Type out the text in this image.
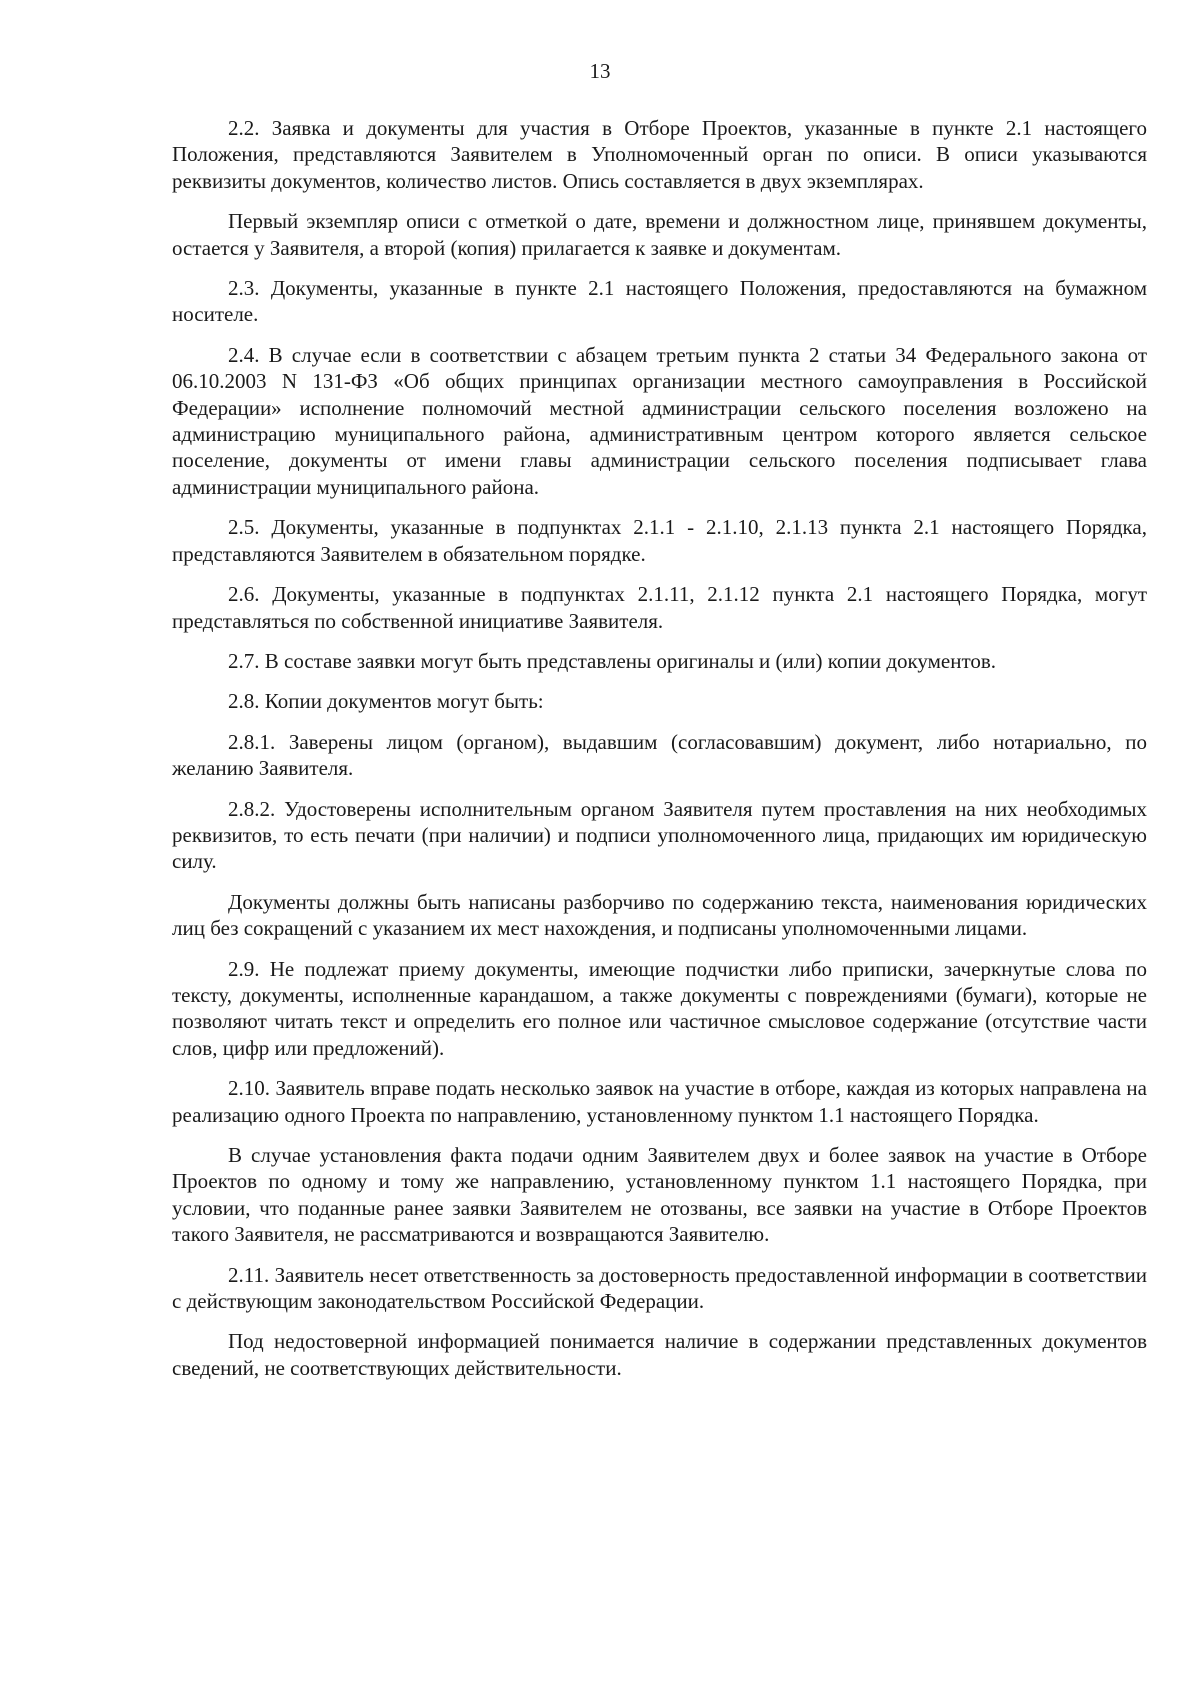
13

2.2. Заявка и документы для участия в Отборе Проектов, указанные в пункте 2.1 настоящего Положения, представляются Заявителем в Уполномоченный орган по описи. В описи указываются реквизиты документов, количество листов. Опись составляется в двух экземплярах.

Первый экземпляр описи с отметкой о дате, времени и должностном лице, принявшем документы, остается у Заявителя, а второй (копия) прилагается к заявке и документам.

2.3. Документы, указанные в пункте 2.1 настоящего Положения, предоставляются на бумажном носителе.

2.4. В случае если в соответствии с абзацем третьим пункта 2 статьи 34 Федерального закона от 06.10.2003 N 131-ФЗ «Об общих принципах организации местного самоуправления в Российской Федерации» исполнение полномочий местной администрации сельского поселения возложено на администрацию муниципального района, административным центром которого является сельское поселение, документы от имени главы администрации сельского поселения подписывает глава администрации муниципального района.

2.5. Документы, указанные в подпунктах 2.1.1 - 2.1.10, 2.1.13 пункта 2.1 настоящего Порядка, представляются Заявителем в обязательном порядке.

2.6. Документы, указанные в подпунктах 2.1.11, 2.1.12 пункта 2.1 настоящего Порядка, могут представляться по собственной инициативе Заявителя.

2.7. В составе заявки могут быть представлены оригиналы и (или) копии документов.

2.8. Копии документов могут быть:

2.8.1. Заверены лицом (органом), выдавшим (согласовавшим) документ, либо нотариально, по желанию Заявителя.

2.8.2. Удостоверены исполнительным органом Заявителя путем проставления на них необходимых реквизитов, то есть печати (при наличии) и подписи уполномоченного лица, придающих им юридическую силу.

Документы должны быть написаны разборчиво по содержанию текста, наименования юридических лиц без сокращений с указанием их мест нахождения, и подписаны уполномоченными лицами.

2.9. Не подлежат приему документы, имеющие подчистки либо приписки, зачеркнутые слова по тексту, документы, исполненные карандашом, а также документы с повреждениями (бумаги), которые не позволяют читать текст и определить его полное или частичное смысловое содержание (отсутствие части слов, цифр или предложений).

2.10. Заявитель вправе подать несколько заявок на участие в отборе, каждая из которых направлена на реализацию одного Проекта по направлению, установленному пунктом 1.1 настоящего Порядка.

В случае установления факта подачи одним Заявителем двух и более заявок на участие в Отборе Проектов по одному и тому же направлению, установленному пунктом 1.1 настоящего Порядка, при условии, что поданные ранее заявки Заявителем не отозваны, все заявки на участие в Отборе Проектов такого Заявителя, не рассматриваются и возвращаются Заявителю.

2.11. Заявитель несет ответственность за достоверность предоставленной информации в соответствии с действующим законодательством Российской Федерации.

Под недостоверной информацией понимается наличие в содержании представленных документов сведений, не соответствующих действительности.
